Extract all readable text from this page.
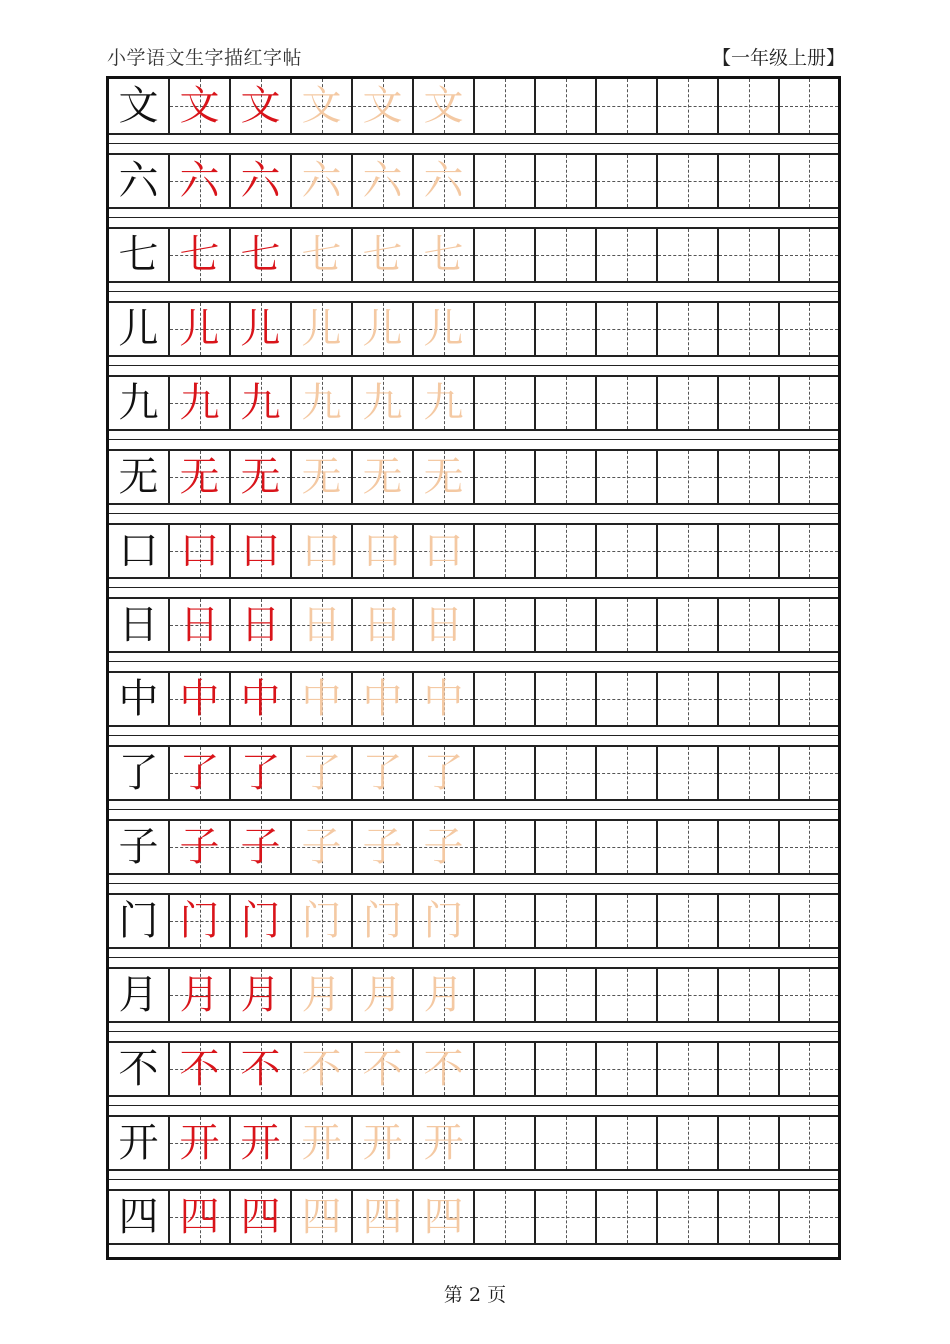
小学语文生字描红字帖	【一年级上册】
文 文 文 文 文 文
六 六 六 六 六 六
七 七 七 七 七 七
儿 儿 儿 儿 儿 儿
九 九 九 九 九 九
无 无 无 无 无 无
口 口 口 口 口 口
日 日 日 日 日 日
中 中 中 中 中 中
了 了 了 了 了 了
子 子 子 子 子 子
门 门 门 门 门 门
月 月 月 月 月 月
不 不 不 不 不 不
开 开 开 开 开 开
四 四 四 四 四 四
第 2 页
